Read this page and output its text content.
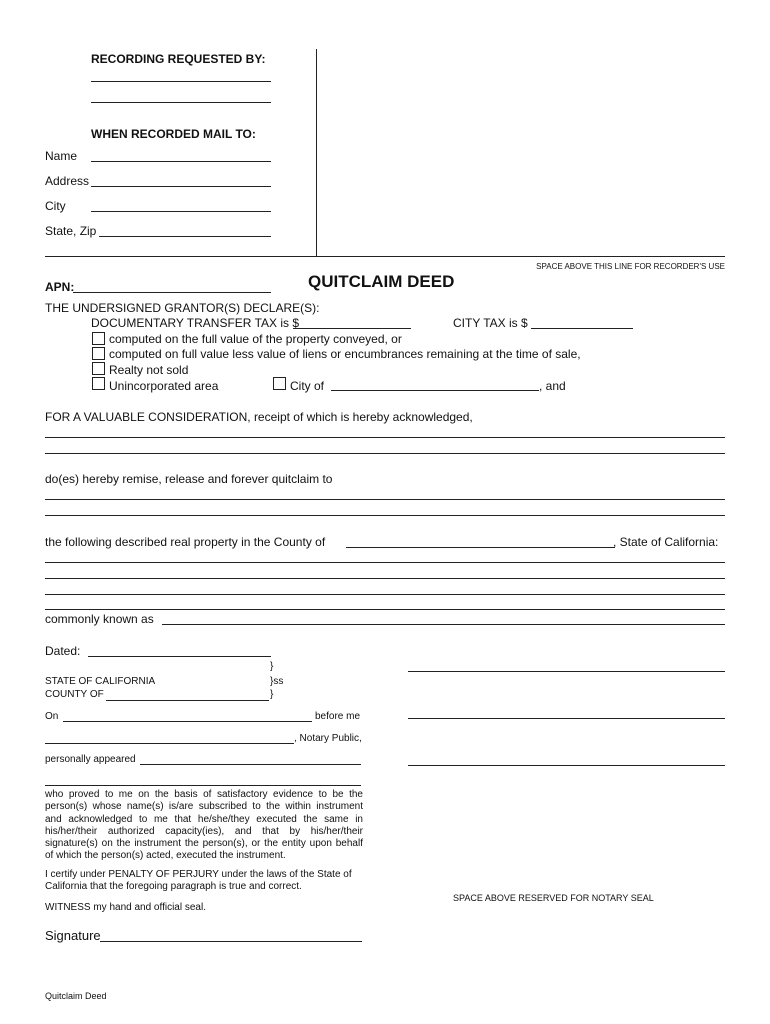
RECORDING REQUESTED BY:
WHEN RECORDED MAIL TO:
Name
Address
City
State, Zip
SPACE ABOVE THIS LINE FOR RECORDER'S USE
APN:	QUITCLAIM DEED
THE UNDERSIGNED GRANTOR(S) DECLARE(S):
DOCUMENTARY TRANSFER TAX is $	CITY TAX is $
computed on the full value of the property conveyed, or
computed on full value less value of liens or encumbrances remaining at the time of sale,
Realty not sold
Unincorporated area	City of	, and
FOR A VALUABLE CONSIDERATION, receipt of which is hereby acknowledged,
do(es) hereby remise, release and forever quitclaim to
the following described real property in the County of	, State of California:
commonly known as
Dated:
}
STATE OF CALIFORNIA	}ss
COUNTY OF	}
On	before me
, Notary Public,
personally appeared
who proved to me on the basis of satisfactory evidence to be the
person(s) whose name(s) is/are subscribed to the within instrument
and acknowledged to me that he/she/they executed the same in
his/her/their authorized capacity(ies), and that by his/her/their
signature(s) on the instrument the person(s), or the entity upon behalf
of which the person(s) acted, executed the instrument.
I certify under PENALTY OF PERJURY under the laws of the State of
California that the foregoing paragraph is true and correct.
WITNESS my hand and official seal.
Signature
SPACE ABOVE RESERVED FOR NOTARY SEAL
Quitclaim Deed
